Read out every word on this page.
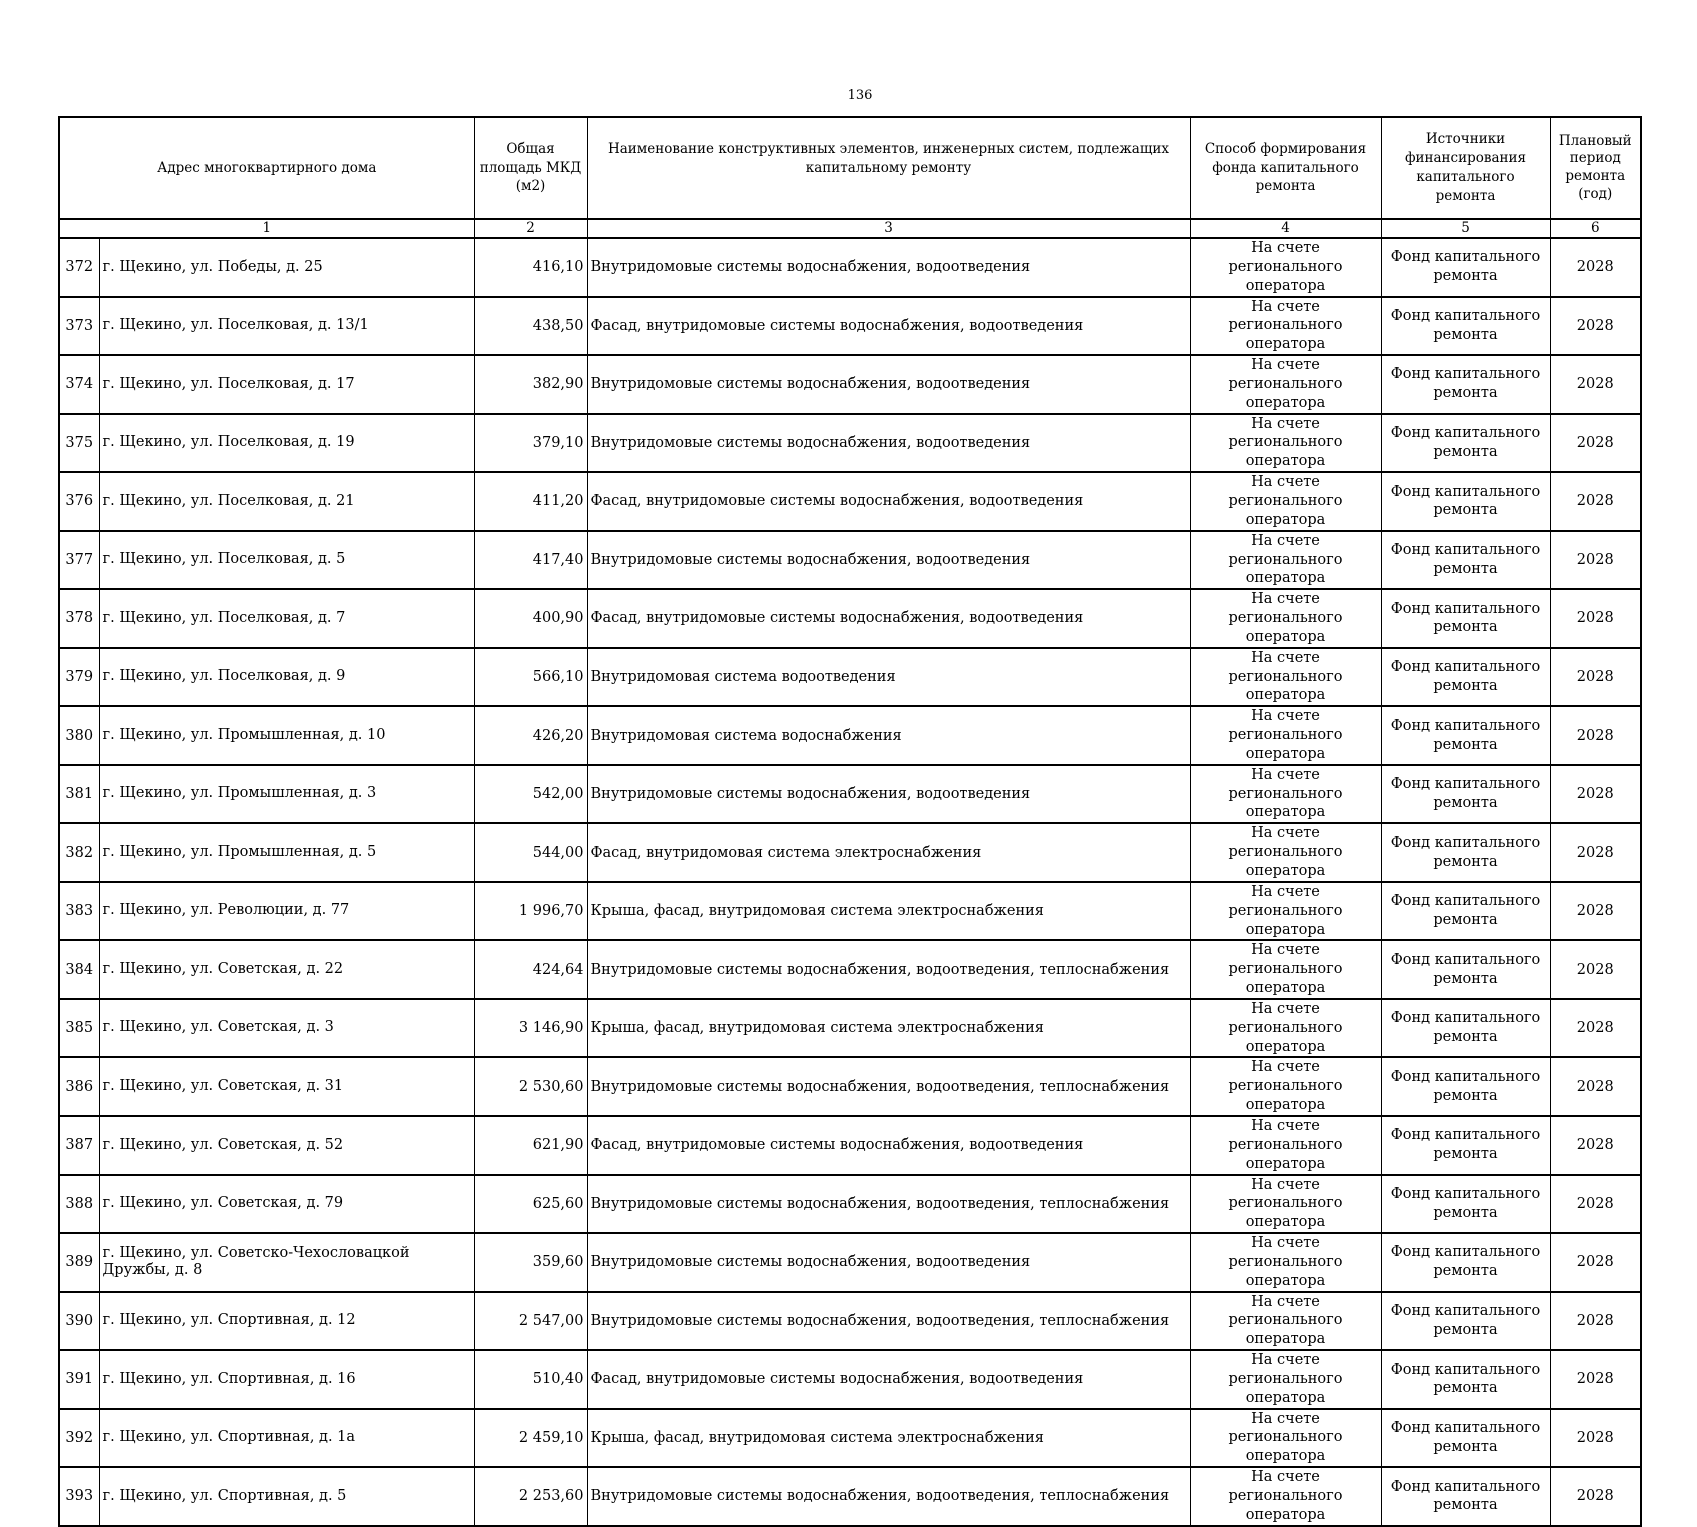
136
Адрес многоквартирного дома		Общая
площадь МКД
(м2)	Наименование конструктивных элементов, инженерных систем, подлежащих
капитальному ремонту	Способ формирования
фонда капитального
ремонта	Источники
финансирования
капитального ремонта	Плановый
период
ремонта
(год)

1		2	3	4	5	6
372	г. Щекино, ул. Победы, д. 25	416,10	Внутридомовые системы водоснабжения, водоотведения	На счете регионального
оператора	Фонд капитального
ремонта	2028
373	г. Щекино, ул. Поселковая, д. 13/1	438,50	Фасад, внутридомовые системы водоснабжения, водоотведения	На счете регионального
оператора	Фонд капитального
ремонта	2028
374	г. Щекино, ул. Поселковая, д. 17	382,90	Внутридомовые системы водоснабжения, водоотведения	На счете регионального
оператора	Фонд капитального
ремонта	2028
375	г. Щекино, ул. Поселковая, д. 19	379,10	Внутридомовые системы водоснабжения, водоотведения	На счете регионального
оператора	Фонд капитального
ремонта	2028
376	г. Щекино, ул. Поселковая, д. 21	411,20	Фасад, внутридомовые системы водоснабжения, водоотведения	На счете регионального
оператора	Фонд капитального
ремонта	2028
377	г. Щекино, ул. Поселковая, д. 5	417,40	Внутридомовые системы водоснабжения, водоотведения	На счете регионального
оператора	Фонд капитального
ремонта	2028
378	г. Щекино, ул. Поселковая, д. 7	400,90	Фасад, внутридомовые системы водоснабжения, водоотведения	На счете регионального
оператора	Фонд капитального
ремонта	2028
379	г. Щекино, ул. Поселковая, д. 9	566,10	Внутридомовая система водоотведения	На счете регионального
оператора	Фонд капитального
ремонта	2028
380	г. Щекино, ул. Промышленная, д. 10	426,20	Внутридомовая система водоснабжения	На счете регионального
оператора	Фонд капитального
ремонта	2028
381	г. Щекино, ул. Промышленная, д. 3	542,00	Внутридомовые системы водоснабжения, водоотведения	На счете регионального
оператора	Фонд капитального
ремонта	2028
382	г. Щекино, ул. Промышленная, д. 5	544,00	Фасад, внутридомовая система электроснабжения	На счете регионального
оператора	Фонд капитального
ремонта	2028
383	г. Щекино, ул. Революции, д. 77	1 996,70	Крыша, фасад, внутридомовая система электроснабжения	На счете регионального
оператора	Фонд капитального
ремонта	2028
384	г. Щекино, ул. Советская, д. 22	424,64	Внутридомовые системы водоснабжения, водоотведения, теплоснабжения	На счете регионального
оператора	Фонд капитального
ремонта	2028
385	г. Щекино, ул. Советская, д. 3	3 146,90	Крыша, фасад, внутридомовая система электроснабжения	На счете регионального
оператора	Фонд капитального
ремонта	2028
386	г. Щекино, ул. Советская, д. 31	2 530,60	Внутридомовые системы водоснабжения, водоотведения, теплоснабжения	На счете регионального
оператора	Фонд капитального
ремонта	2028
387	г. Щекино, ул. Советская, д. 52	621,90	Фасад, внутридомовые системы водоснабжения, водоотведения	На счете регионального
оператора	Фонд капитального
ремонта	2028
388	г. Щекино, ул. Советская, д. 79	625,60	Внутридомовые системы водоснабжения, водоотведения, теплоснабжения	На счете регионального
оператора	Фонд капитального
ремонта	2028
389	г. Щекино, ул. Советско-Чехословацкой Дружбы, д. 8	359,60	Внутридомовые системы водоснабжения, водоотведения	На счете регионального
оператора	Фонд капитального
ремонта	2028
390	г. Щекино, ул. Спортивная, д. 12	2 547,00	Внутридомовые системы водоснабжения, водоотведения, теплоснабжения	На счете регионального
оператора	Фонд капитального
ремонта	2028
391	г. Щекино, ул. Спортивная, д. 16	510,40	Фасад, внутридомовые системы водоснабжения, водоотведения	На счете регионального
оператора	Фонд капитального
ремонта	2028
392	г. Щекино, ул. Спортивная, д. 1а	2 459,10	Крыша, фасад, внутридомовая система электроснабжения	На счете регионального
оператора	Фонд капитального
ремонта	2028
393	г. Щекино, ул. Спортивная, д. 5	2 253,60	Внутридомовые системы водоснабжения, водоотведения, теплоснабжения	На счете регионального
оператора	Фонд капитального
ремонта	2028
